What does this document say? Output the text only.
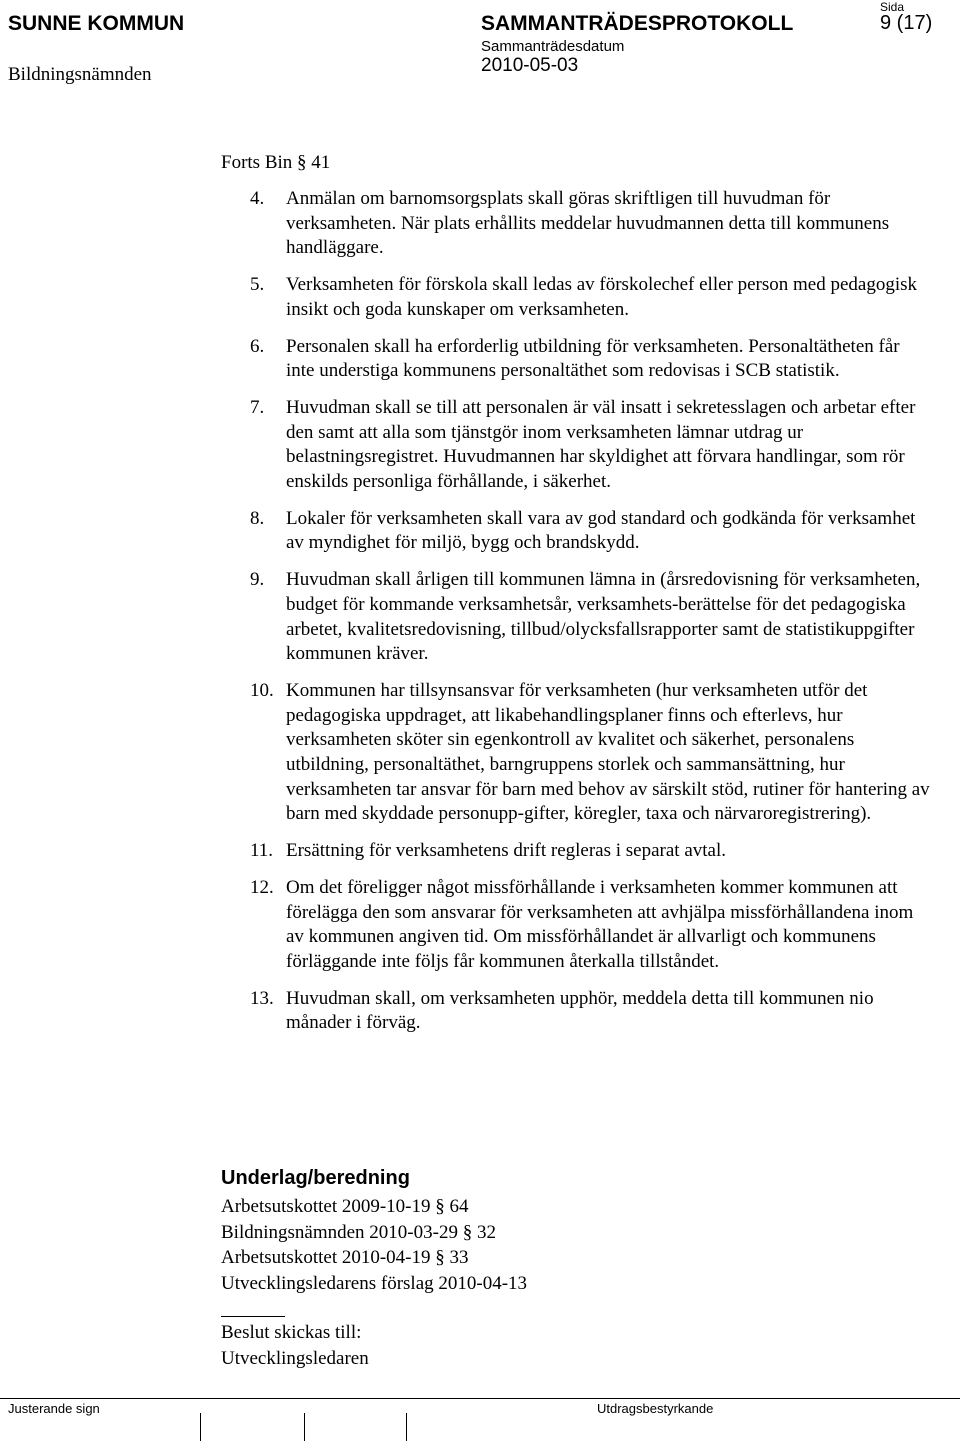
SUNNE KOMMUN
Bildningsnämnden
SAMMANTRÄDESPROTOKOLL
Sammanträdesdatum
2010-05-03
Sida
9 (17)
Forts Bin § 41
4. Anmälan om barnomsorgsplats skall göras skriftligen till huvudman för verksamheten. När plats erhållits meddelar huvudmannen detta till kommunens handläggare.
5. Verksamheten för förskola skall ledas av förskolechef eller person med pedagogisk insikt och goda kunskaper om verksamheten.
6. Personalen skall ha erforderlig utbildning för verksamheten. Personaltätheten får inte understiga kommunens personaltäthet som redovisas i SCB statistik.
7. Huvudman skall se till att personalen är väl insatt i sekretesslagen och arbetar efter den samt att alla som tjänstgör inom verksamheten lämnar utdrag ur belastningsregistret. Huvudmannen har skyldighet att förvara handlingar, som rör enskilds personliga förhållande, i säkerhet.
8. Lokaler för verksamheten skall vara av god standard och godkända för verksamhet av myndighet för miljö, bygg och brandskydd.
9. Huvudman skall årligen till kommunen lämna in (årsredovisning för verksamheten, budget för kommande verksamhetsår, verksamhets-berättelse för det pedagogiska arbetet, kvalitetsredovisning, tillbud/olycksfallsrapporter samt de statistikuppgifter kommunen kräver.
10. Kommunen har tillsynsansvar för verksamheten (hur verksamheten utför det pedagogiska uppdraget, att likabehandlingsplaner finns och efterlevs, hur verksamheten sköter sin egenkontroll av kvalitet och säkerhet, personalens utbildning, personaltäthet, barngruppens storlek och sammansättning, hur verksamheten tar ansvar för barn med behov av särskilt stöd, rutiner för hantering av barn med skyddade personupp-gifter, köregler, taxa och närvaroregistrering).
11. Ersättning för verksamhetens drift regleras i separat avtal.
12. Om det föreligger något missförhållande i verksamheten kommer kommunen att förelägga den som ansvarar för verksamheten att avhjälpa missförhållandena inom av kommunen angiven tid. Om missförhållandet är allvarligt och kommunens förläggande inte följs får kommunen återkalla tillståndet.
13. Huvudman skall, om verksamheten upphör, meddela detta till kommunen nio månader i förväg.
Underlag/beredning
Arbetsutskottet 2009-10-19 § 64
Bildningsnämnden 2010-03-29 § 32
Arbetsutskottet 2010-04-19 § 33
Utvecklingsledarens förslag 2010-04-13
Beslut skickas till:
Utvecklingsledaren
Justerande sign	Utdragsbestyrkande
